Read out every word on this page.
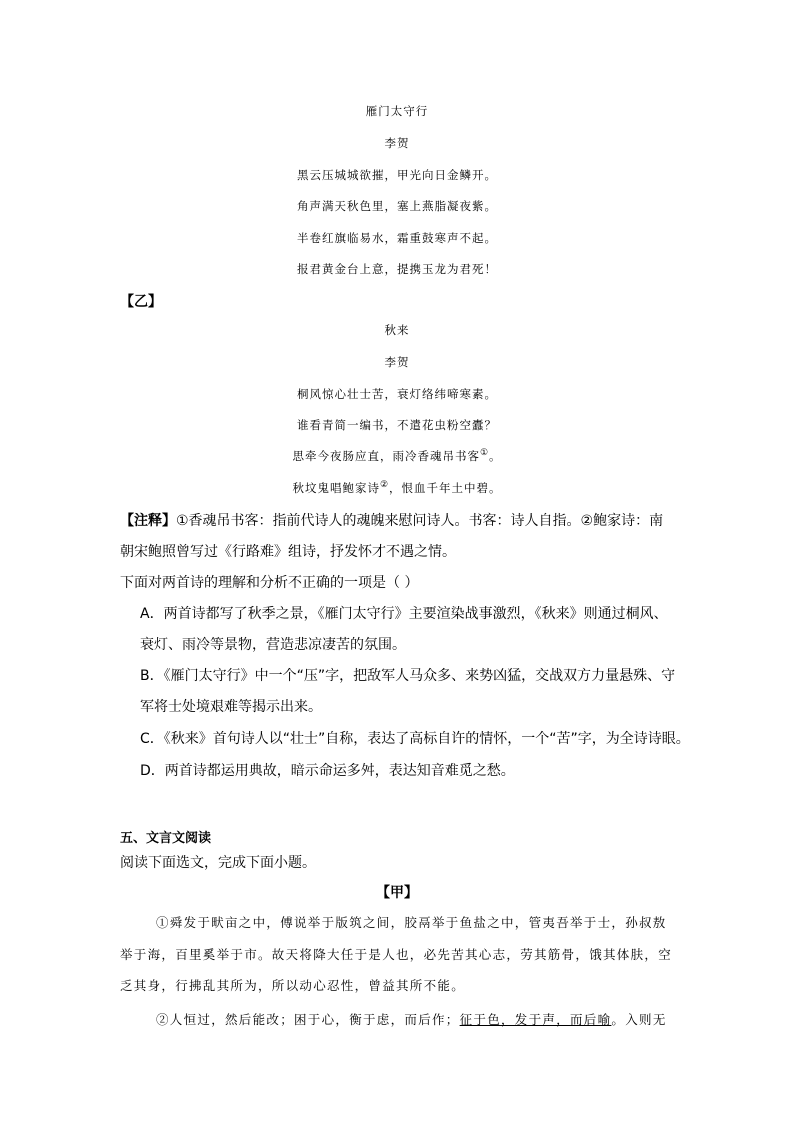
雁门太守行
李贺
黑云压城城欲摧，甲光向日金鳞开。
角声满天秋色里，塞上燕脂凝夜紫。
半卷红旗临易水，霜重鼓寒声不起。
报君黄金台上意，提携玉龙为君死！
【乙】
秋来
李贺
桐风惊心壮士苦，衰灯络纬啼寒素。
谁看青简一编书，不遣花虫粉空蠹？
思牵今夜肠应直，雨冷香魂吊书客①。
秋坟鬼唱鲍家诗②，恨血千年土中碧。
【注释】①香魂吊书客：指前代诗人的魂魄来慰问诗人。书客：诗人自指。②鲍家诗：南
朝宋鲍照曾写过《行路难》组诗，抒发怀才不遇之情。
下面对两首诗的理解和分析不正确的一项是（ ）
A．两首诗都写了秋季之景，《雁门太守行》主要渲染战事激烈，《秋来》则通过桐风、
衰灯、雨冷等景物，营造悲凉凄苦的氛围。
B．《雁门太守行》中一个“压”字，把敌军人马众多、来势凶猛，交战双方力量悬殊、守
军将士处境艰难等揭示出来。
C．《秋来》首句诗人以“壮士”自称，表达了高标自许的情怀，一个“苦”字，为全诗诗眼。
D．两首诗都运用典故，暗示命运多舛，表达知音难觅之愁。
五、文言文阅读
阅读下面选文，完成下面小题。
【甲】
①舜发于畎亩之中，傅说举于版筑之间，胶鬲举于鱼盐之中，管夷吾举于士，孙叔敖
举于海，百里奚举于市。故天将降大任于是人也，必先苦其心志，劳其筋骨，饿其体肤，空
乏其身，行拂乱其所为，所以动心忍性，曾益其所不能。
②人恒过，然后能改；困于心，衡于虑，而后作；征于色，发于声，而后喻。入则无
